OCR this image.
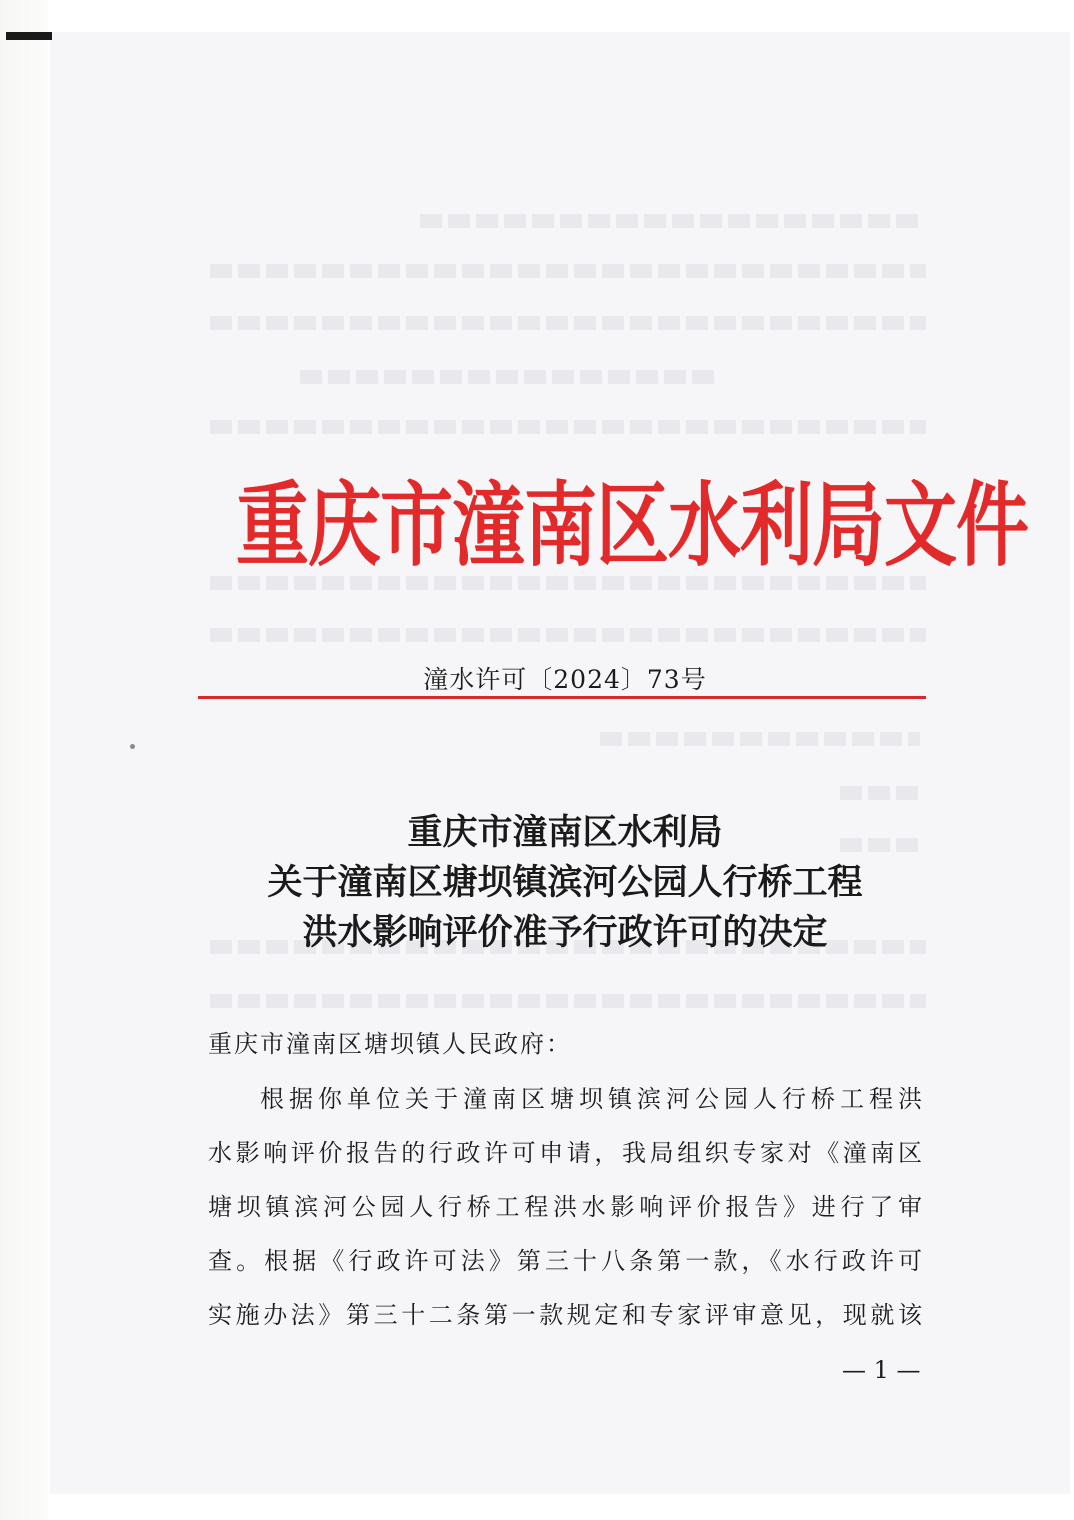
重庆市潼南区水利局文件
潼水许可〔2024〕73号
重庆市潼南区水利局
关于潼南区塘坝镇滨河公园人行桥工程
洪水影响评价准予行政许可的决定
重庆市潼南区塘坝镇人民政府：
根据你单位关于潼南区塘坝镇滨河公园人行桥工程洪
水影响评价报告的行政许可申请，我局组织专家对《潼南区
塘坝镇滨河公园人行桥工程洪水影响评价报告》进行了审
查。根据《行政许可法》第三十八条第一款，《水行政许可
实施办法》第三十二条第一款规定和专家评审意见，现就该
— 1 —
